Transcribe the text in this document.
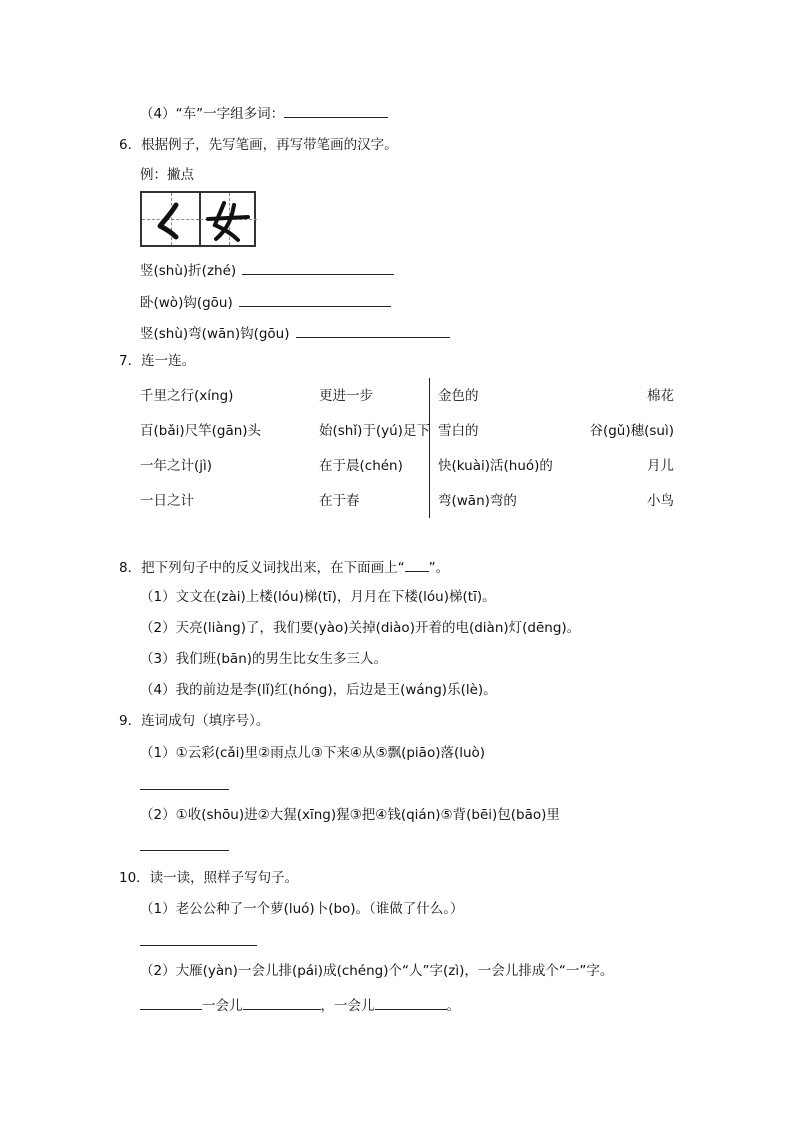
（4）“车”一字组多词：
6．根据例子，先写笔画，再写带笔画的汉字。
例：撇点
竖(shù)折(zhé)
卧(wò)钩(gōu)
竖(shù)弯(wān)钩(gōu)
7．连一连。
千里之行(xíng)
百(bǎi)尺竿(gān)头
一年之计(jì)
一日之计
更进一步
始(shǐ)于(yú)足下
在于晨(chén)
在于春
金色的
雪白的
快(kuài)活(huó)的
弯(wān)弯的
棉花
谷(gǔ)穗(suì)
月儿
小鸟
8．把下列句子中的反义词找出来，在下面画上“ ”。
（1）文文在(zài)上楼(lóu)梯(tī)，月月在下楼(lóu)梯(tī)。
（2）天亮(liàng)了，我们要(yào)关掉(diào)开着的电(diàn)灯(dēng)。
（3）我们班(bān)的男生比女生多三人。
（4）我的前边是李(lǐ)红(hóng)，后边是王(wáng)乐(lè)。
9．连词成句（填序号）。
（1）①云彩(cǎi)里②雨点儿③下来④从⑤飘(piāo)落(luò)
（2）①收(shōu)进②大猩(xīng)猩③把④钱(qián)⑤背(bēi)包(bāo)里
10．读一读，照样子写句子。
（1）老公公种了一个萝(luó)卜(bo)。（谁做了什么。）
（2）大雁(yàn)一会儿排(pái)成(chéng)个“人”字(zì)，一会儿排成个“一”字。
一会儿	，一会儿	。
